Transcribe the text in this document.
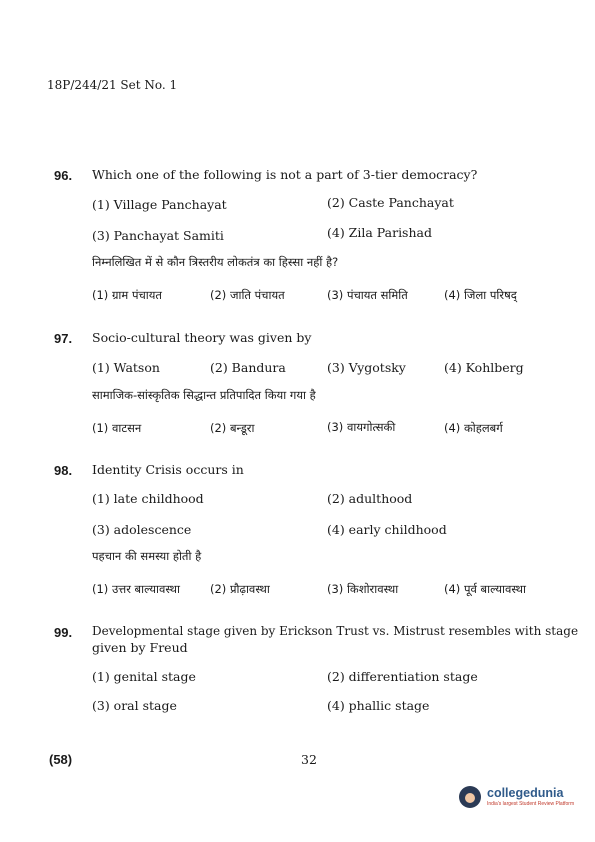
18P/244/21 Set No. 1
96. Which one of the following is not a part of 3-tier democracy?
(1) Village Panchayat	(2) Caste Panchayat
(3) Panchayat Samiti	(4) Zila Parishad
निम्नलिखित में से कौन त्रिस्तरीय लोकतंत्र का हिस्सा नहीं है?
(1) ग्राम पंचायत	(2) जाति पंचायत	(3) पंचायत समिति	(4) जिला परिषद्
97. Socio-cultural theory was given by
(1) Watson	(2) Bandura	(3) Vygotsky	(4) Kohlberg
सामाजिक-सांस्कृतिक सिद्धान्त प्रतिपादित किया गया है
(1) वाटसन	(2) बन्डूरा	(3) वायगोत्सकी	(4) कोहलबर्ग
98. Identity Crisis occurs in
(1) late childhood	(2) adulthood
(3) adolescence	(4) early childhood
पहचान की समस्या होती है
(1) उत्तर बाल्यावस्था	(2) प्रौढ़ावस्था	(3) किशोरावस्था	(4) पूर्व बाल्यावस्था
99. Developmental stage given by Erickson Trust vs. Mistrust resembles with stage
given by Freud
(1) genital stage	(2) differentiation stage
(3) oral stage	(4) phallic stage
(58)	32
collegedunia
India's largest Student Review Platform
